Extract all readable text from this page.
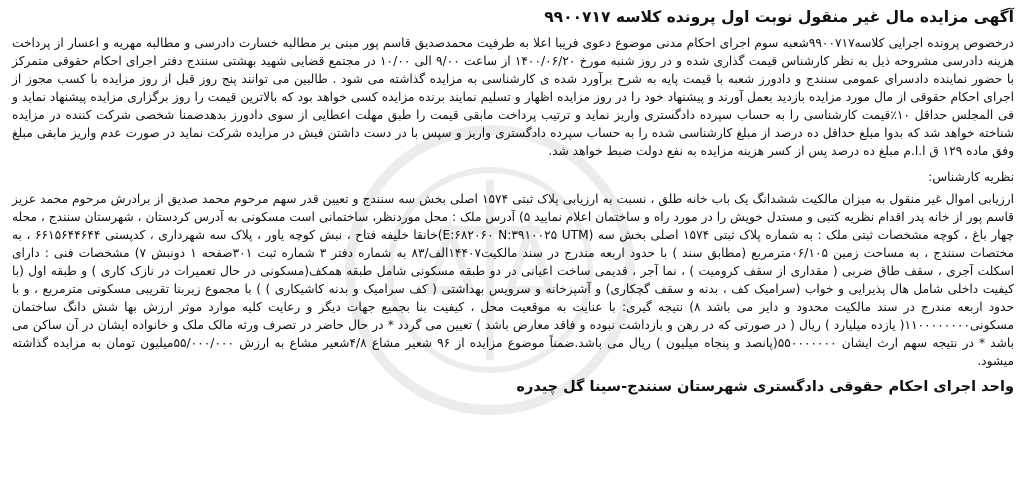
آگهی مزایده مال غیر منقول نوبت اول پرونده کلاسه ۹۹۰۰۷۱۷

درخصوص پرونده اجرایی کلاسه۹۹۰۰۷۱۷شعبه سوم اجرای احکام مدنی موضوع دعوی فریبا اعلا به طرفیت محمدصدیق قاسم پور مبنی بر مطالبه خسارت دادرسی و مطالبه مهریه و اعسار از پرداخت هزینه دادرسی مشروحه ذیل به نظر کارشناس قیمت گذاری شده و در روز شنبه مورخ ۱۴۰۰/۰۶/۲۰ از ساعت ۹/۰۰ الی ۱۰/۰۰ در مجتمع قضایی شهید بهشتی سنندج دفتر اجرای احکام حقوقی متمرکز با حضور نماینده دادسرای عمومی سنندج و دادورز شعبه با قیمت پایه به شرح برآورد شده ی کارشناسی به مزایده گذاشته می شود . طالبین می توانند پنج روز قبل از روز مزایده با کسب مجوز از اجرای احکام حقوقی از مال مورد مزایده بازدید بعمل آورند و پیشنهاد خود را در روز مزایده اظهار و تسلیم نمایند برنده مزایده کسی خواهد بود که بالاترین قیمت را روز برگزاری مزایده پیشنهاد نماید و فی المجلس حداقل ۱۰٪قیمت کارشناسی را به حساب سپرده دادگستری واریز نماید و ترتیب پرداخت مابقی قیمت را طبق مهلت اعطایی از سوی دادورز بدهدضمنا شخصی شرکت کننده در مزایده شناخته خواهد شد که بدوا مبلغ حداقل ده درصد از مبلغ کارشناسی شده را به حساب سپرده دادگستری واریز و سپس با در دست داشتن فیش در مزایده شرکت نماید در صورت عدم واریز مابقی مبلغ وفق ماده ۱۲۹ ق ا.ا.م مبلغ ده درصد پس از کسر هزینه مزایده به نفع دولت ضبط خواهد شد.

نظریه کارشناس:

ارزیابی اموال غیر منقول به میزان مالکیت ششدانگ یک باب خانه طلق ، نسبت به ارزیابی پلاک ثبتی ۱۵۷۴ اصلی بخش سه سنندج و تعیین قدر سهم مرحوم محمد صدیق از برادرش مرحوم محمد عزیز قاسم پور از خانه پدر اقدام نظریه کتبی و مستدل خویش را در مورد راه و ساختمان اعلام نمایید ۵) آدرس ملک : محل موردنظر، ساختمانی است مسکونی به آدرس کردستان ، شهرستان سنندج ، محله چهار باغ ، کوچه مشخصات ثبتی ملک : به شماره پلاک ثبتی ۱۵۷۴ اصلی بخش سه (E:۶۸۲۰۶۰ N:۳۹۱۰۰۲۵ UTM)خانقا خلیفه فتاح ، نبش کوچه یاور ، پلاک سه شهرداری ، کدپستی ۶۶۱۵۶۴۴۶۴۴ ، به مختصات سنندج ، به مساحت زمین ۰۶/۱۰۵مترمربع (مطابق سند ) با حدود اربعه مندرج در سند مالکیت۱۴۴۰۷الف/۸۳ به شماره دفتر ۳ شماره ثبت ۳۰۱صفحه ۱ دونبش ۷) مشخصات فنی : دارای اسکلت آجری ، سقف طاق ضربی ( مقداری از سقف کرومیت ) ، نما آجر ، قدیمی ساخت اعیانی در دو طبقه مسکونی شامل طبقه همکف(مسکونی در حال تعمیرات در نازک کاری ) و طبقه اول (با کیفیت داخلی شامل هال پذیرایی و خواب (سرامیک کف ، بدنه و سقف گچکاری) و آشپزخانه و سرویس بهداشتی ( کف سرامیک و بدنه کاشیکاری ) ) با مجموع زیربنا تقریبی مسکونی مترمربع ، و با حدود اربعه مندرج در سند مالکیت محدود و دایر می باشد ۸) نتیجه گیری: با عنایت به موقعیت محل ، کیفیت بنا بجمیع جهات دیگر و رعایت کلیه موارد موثر ارزش بها شش دانگ ساختمان مسکونی۱۱۰۰۰۰۰۰۰۰( یازده میلیارد ) ریال ( در صورتی که در رهن و بازداشت نبوده و فاقد معارض باشد ) تعیین می گردد * در حال حاضر در تصرف ورثه مالک ملک و خانواده ایشان در آن ساکن می باشد * در نتیجه سهم ارث ایشان ۵۵۰۰۰۰۰۰۰(پانصد و پنجاه میلیون ) ریال می باشد.ضمناً موضوع مزایده از ۹۶ شعیر مشاع ۴/۸شعیر مشاع به ارزش ۵۵/۰۰۰/۰۰۰میلیون تومان به مزایده گذاشته میشود.

واحد اجرای احکام حقوقی دادگستری شهرستان سنندج-سینا گل چیدره
